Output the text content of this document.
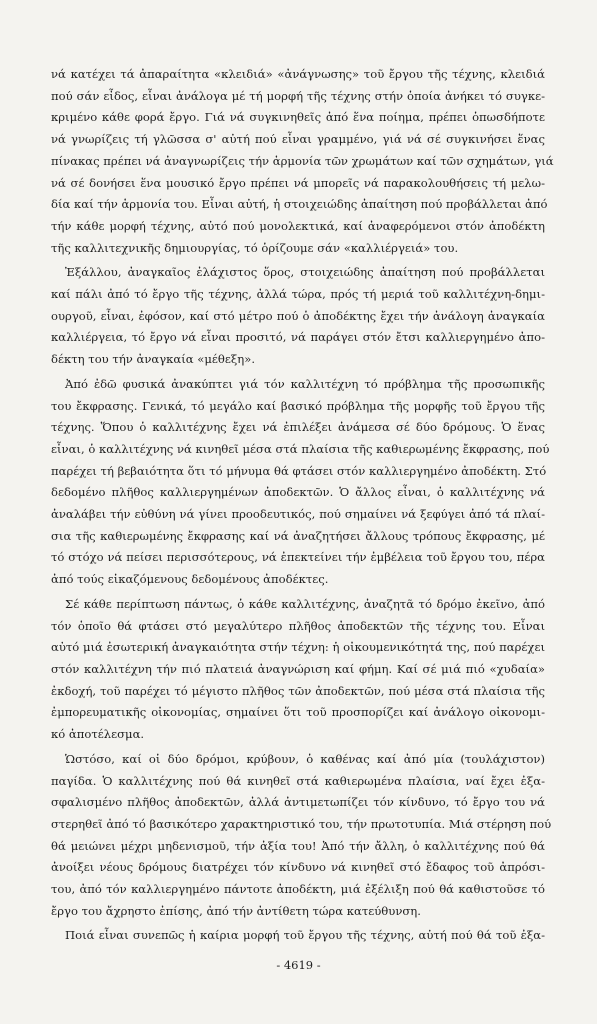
νά κατέχει τά ἀπαραίτητα «κλειδιά» «ἀνάγνωσης» τοῦ ἔργου τῆς τέχνης, κλειδιά
πού σάν εἶδος, εἶναι ἀνάλογα μέ τή μορφή τῆς τέχνης στήν ὁποία ἀνήκει τό συγκε-
κριμένο κάθε φορά ἔργο. Γιά νά συγκινηθεῖς ἀπό ἕνα ποίημα, πρέπει ὁπωσδήποτε
νά γνωρίζεις τή γλῶσσα σ' αὐτή πού εἶναι γραμμένο, γιά νά σέ συγκινήσει ἕνας
πίνακας πρέπει νά ἀναγνωρίζεις τήν ἁρμονία τῶν χρωμάτων καί τῶν σχημάτων, γιά
νά σέ δονήσει ἕνα μουσικό ἔργο πρέπει νά μπορεῖς νά παρακολουθήσεις τή μελω-
δία καί τήν ἁρμονία του. Εἶναι αὐτή, ἡ στοιχειώδης ἀπαίτηση πού προβάλλεται ἀπό
τήν κάθε μορφή τέχνης, αὐτό πού μονολεκτικά, καί ἀναφερόμενοι στόν ἀποδέκτη
τῆς καλλιτεχνικῆς δημιουργίας, τό ὁρίζουμε σάν «καλλιέργειά» του.
Ἐξάλλου, ἀναγκαῖος ἐλάχιστος ὅρος, στοιχειώδης ἀπαίτηση πού προβάλλεται
καί πάλι ἀπό τό ἔργο τῆς τέχνης, ἀλλά τώρα, πρός τή μεριά τοῦ καλλιτέχνη-δημι-
ουργοῦ, εἶναι, ἐφόσον, καί στό μέτρο πού ὁ ἀποδέκτης ἔχει τήν ἀνάλογη ἀναγκαία
καλλιέργεια, τό ἔργο νά εἶναι προσιτό, νά παράγει στόν ἔτσι καλλιεργημένο ἀπο-
δέκτη του τήν ἀναγκαία «μέθεξη».
Ἀπό ἐδῶ φυσικά ἀνακύπτει γιά τόν καλλιτέχνη τό πρόβλημα τῆς προσωπικῆς
του ἔκφρασης. Γενικά, τό μεγάλο καί βασικό πρόβλημα τῆς μορφῆς τοῦ ἔργου τῆς
τέχνης. Ὅπου ὁ καλλιτέχνης ἔχει νά ἐπιλέξει ἀνάμεσα σέ δύο δρόμους. Ὁ ἕνας
εἶναι, ὁ καλλιτέχνης νά κινηθεῖ μέσα στά πλαίσια τῆς καθιερωμένης ἔκφρασης, πού
παρέχει τή βεβαιότητα ὅτι τό μήνυμα θά φτάσει στόν καλλιεργημένο ἀποδέκτη. Στό
δεδομένο πλῆθος καλλιεργημένων ἀποδεκτῶν. Ὁ ἄλλος εἶναι, ὁ καλλιτέχνης νά
ἀναλάβει τήν εὐθύνη νά γίνει προοδευτικός, πού σημαίνει νά ξεφύγει ἀπό τά πλαί-
σια τῆς καθιερωμένης ἔκφρασης καί νά ἀναζητήσει ἄλλους τρόπους ἔκφρασης, μέ
τό στόχο νά πείσει περισσότερους, νά ἐπεκτείνει τήν ἐμβέλεια τοῦ ἔργου του, πέρα
ἀπό τούς εἰκαζόμενους δεδομένους ἀποδέκτες.
Σέ κάθε περίπτωση πάντως, ὁ κάθε καλλιτέχνης, ἀναζητᾶ τό δρόμο ἐκεῖνο, ἀπό
τόν ὁποῖο θά φτάσει στό μεγαλύτερο πλῆθος ἀποδεκτῶν τῆς τέχνης του. Εἶναι
αὐτό μιά ἐσωτερική ἀναγκαιότητα στήν τέχνη: ἡ οἰκουμενικότητά της, πού παρέχει
στόν καλλιτέχνη τήν πιό πλατειά ἀναγνώριση καί φήμη. Καί σέ μιά πιό «χυδαία»
ἐκδοχή, τοῦ παρέχει τό μέγιστο πλῆθος τῶν ἀποδεκτῶν, πού μέσα στά πλαίσια τῆς
ἐμπορευματικῆς οἰκονομίας, σημαίνει ὅτι τοῦ προσπορίζει καί ἀνάλογο οἰκονομι-
κό ἀποτέλεσμα.
Ὡστόσο, καί οἱ δύο δρόμοι, κρύβουν, ὁ καθένας καί ἀπό μία (τουλάχιστον)
παγίδα. Ὁ καλλιτέχνης πού θά κινηθεῖ στά καθιερωμένα πλαίσια, ναί ἔχει ἐξα-
σφαλισμένο πλῆθος ἀποδεκτῶν, ἀλλά ἀντιμετωπίζει τόν κίνδυνο, τό ἔργο του νά
στερηθεῖ ἀπό τό βασικότερο χαρακτηριστικό του, τήν πρωτοτυπία. Μιά στέρηση πού
θά μειώνει μέχρι μηδενισμοῦ, τήν ἀξία του! Ἀπό τήν ἄλλη, ὁ καλλιτέχνης πού θά
ἀνοίξει νέους δρόμους διατρέχει τόν κίνδυνο νά κινηθεῖ στό ἔδαφος τοῦ ἀπρόσι-
του, ἀπό τόν καλλιεργημένο πάντοτε ἀποδέκτη, μιά ἐξέλιξη πού θά καθιστοῦσε τό
ἔργο του ἄχρηστο ἐπίσης, ἀπό τήν ἀντίθετη τώρα κατεύθυνση.
Ποιά εἶναι συνεπῶς ἡ καίρια μορφή τοῦ ἔργου τῆς τέχνης, αὐτή πού θά τοῦ ἐξα-
- 4619 -
